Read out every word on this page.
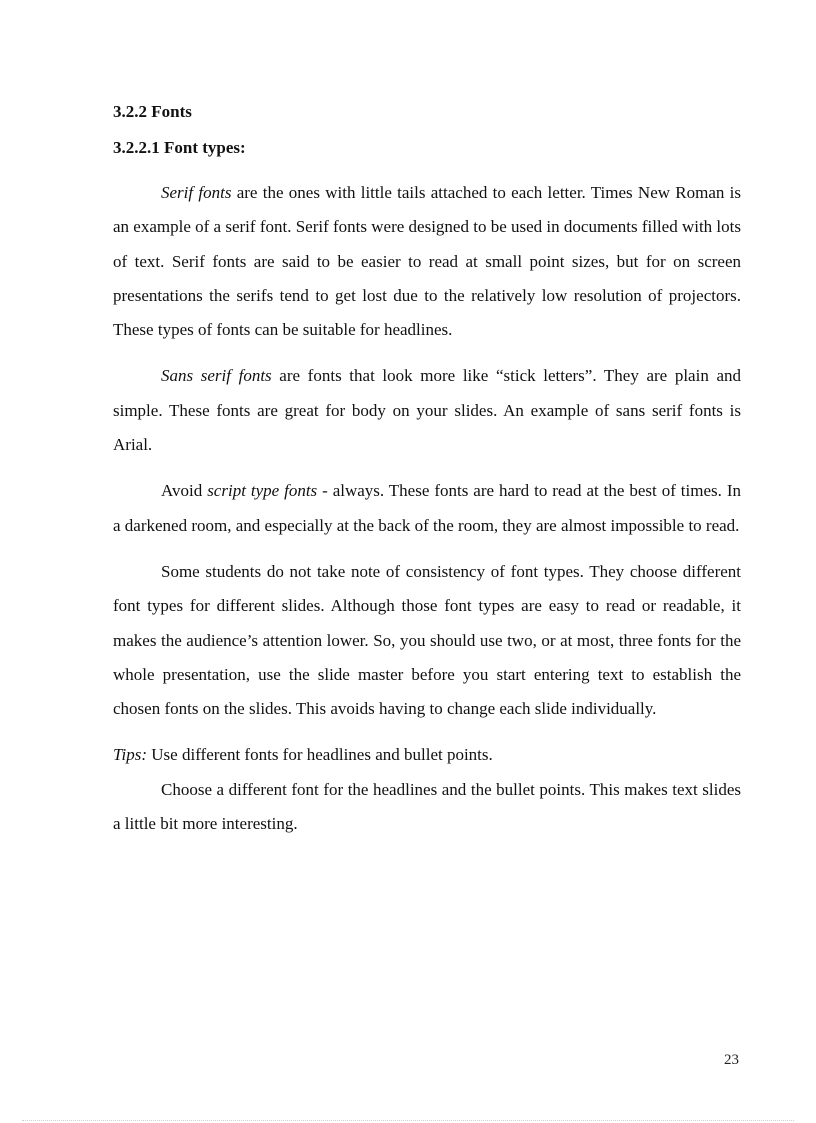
3.2.2 Fonts
3.2.2.1 Font types:

Serif fonts are the ones with little tails attached to each letter. Times New Roman is an example of a serif font. Serif fonts were designed to be used in documents filled with lots of text. Serif fonts are said to be easier to read at small point sizes, but for on screen presentations the serifs tend to get lost due to the relatively low resolution of projectors. These types of fonts can be suitable for headlines.

Sans serif fonts are fonts that look more like “stick letters”. They are plain and simple. These fonts are great for body on your slides. An example of sans serif fonts is Arial.

Avoid script type fonts - always. These fonts are hard to read at the best of times. In a darkened room, and especially at the back of the room, they are almost impossible to read.

Some students do not take note of consistency of font types. They choose different font types for different slides. Although those font types are easy to read or readable, it makes the audience’s attention lower. So, you should use two, or at most, three fonts for the whole presentation, use the slide master before you start entering text to establish the chosen fonts on the slides. This avoids having to change each slide individually.

Tips: Use different fonts for headlines and bullet points.

Choose a different font for the headlines and the bullet points. This makes text slides a little bit more interesting.

23
